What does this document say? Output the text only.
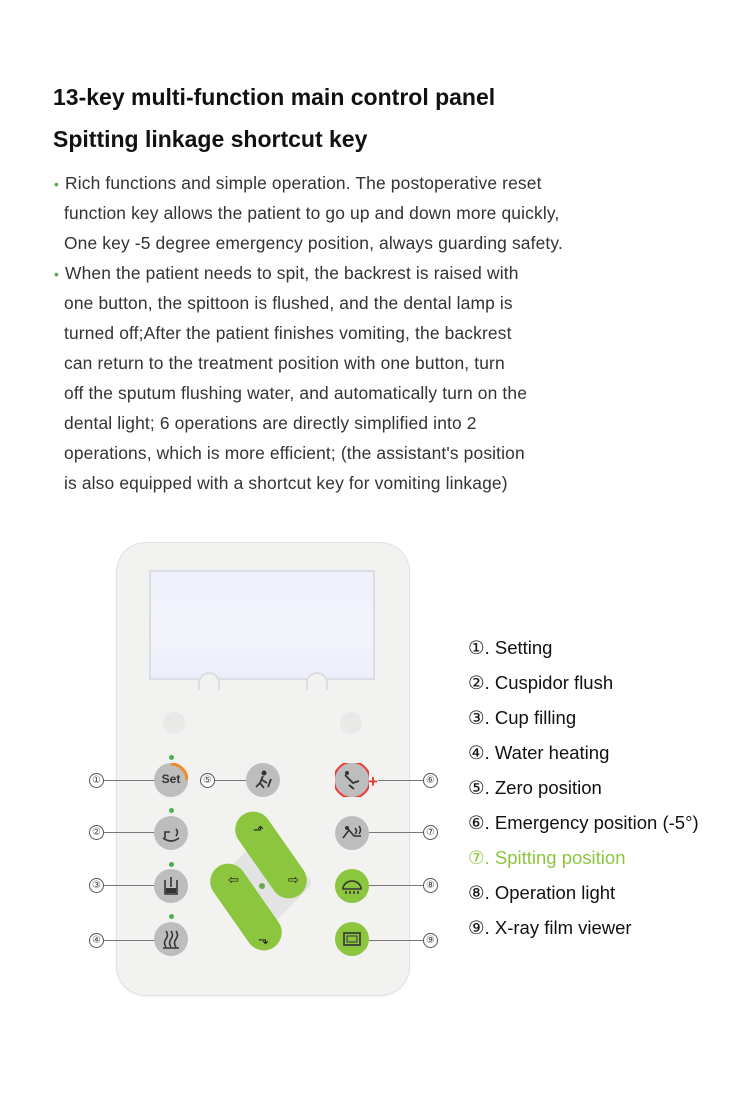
13-key multi-function main control panel
Spitting linkage shortcut key
• Rich functions and simple operation. The postoperative reset
function key allows the patient to go up and down more quickly,
One key -5 degree emergency position, always guarding safety.
• When the patient needs to spit, the backrest is raised with
one button, the spittoon is flushed, and the dental lamp is
turned off;After the patient finishes vomiting, the backrest
can return to the treatment position with one button, turn
off the sputum flushing water, and automatically turn on the
dental light; 6 operations are directly simplified into 2
operations, which is more efficient; (the assistant's position
is also equipped with a shortcut key for vomiting linkage)
Set	+
⬏
⇨
⇦
⬎
①
②
③
④
⑤	⑥
⑦
⑧
⑨
①. Setting
②. Cuspidor flush
③. Cup filling
④. Water heating
⑤. Zero position
⑥. Emergency position (-5°)
⑦. Spitting position
⑧. Operation light
⑨. X-ray film viewer
